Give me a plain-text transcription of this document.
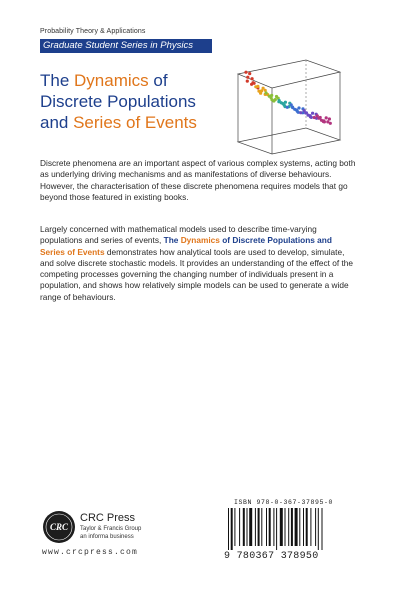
Probability Theory & Applications
Graduate Student Series in Physics
The Dynamics of
Discrete Populations
and Series of Events

Discrete phenomena are an important aspect of various complex systems, acting both as underlying driving mechanisms and as manifestations of diverse behaviours. However, the characterisation of these discrete phenomena requires models that go beyond those featured in existing books.

Largely concerned with mathematical models used to describe time-varying populations and series of events, The Dynamics of Discrete Populations and Series of Events demonstrates how analytical tools are used to develop, simulate, and solve discrete stochastic models. It provides an understanding of the effect of the competing processes governing the changing number of individuals present in a population, and shows how relatively simple models can be used to generate a wide range of behaviours.

CRC
CRC Press
Taylor & Francis Group
an informa business
www.crcpress.com
ISBN 978-0-367-37895-0
9 780367 378950
